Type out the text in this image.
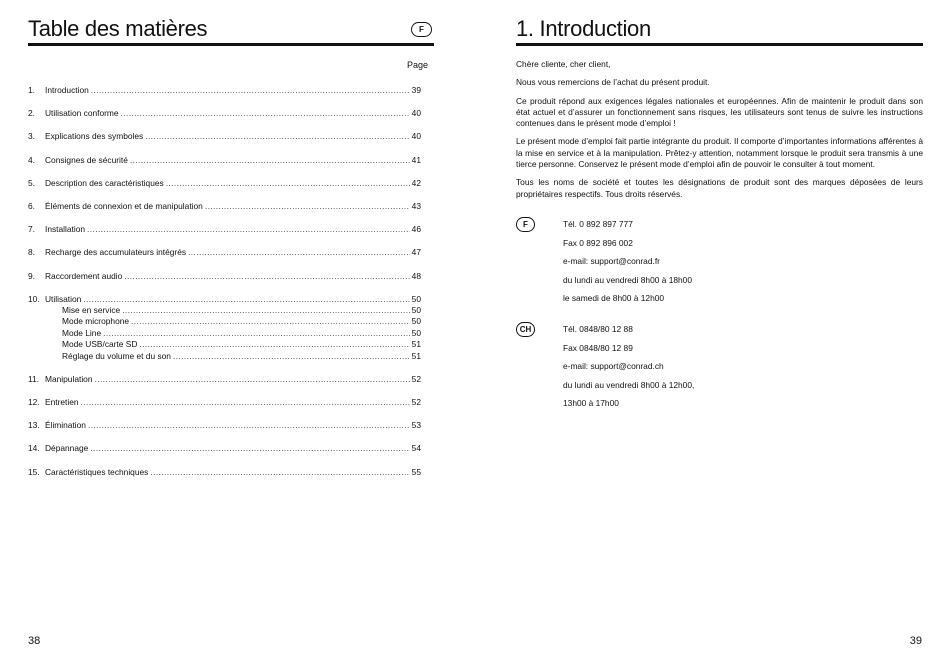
Table des matières	F
Page
1.	Introduction .....	39
2.	Utilisation conforme .....	40
3.	Explications des symboles .....	40
4.	Consignes de sécurité .....	41
5.	Description des caractéristiques .....	42
6.	Éléments de connexion et de manipulation .....	43
7.	Installation .....	46
8.	Recharge des accumulateurs intégrés .....	47
9.	Raccordement audio .....	48
10. Utilisation .....	50
Mise en service .....	50
Mode microphone .....	50
Mode Line .....	50
Mode USB/carte SD .....	51
Réglage du volume et du son .....	51
11. Manipulation .....	52
12. Entretien .....	52
13. Élimination .....	53
14. Dépannage .....	54
15. Caractéristiques techniques .....	55
38
1. Introduction

Chère cliente, cher client,

Nous vous remercions de l’achat du présent produit.

Ce produit répond aux exigences légales nationales et européennes. Afin de maintenir le produit dans son état actuel et d’assurer un fonctionnement sans risques, les utilisateurs sont tenus de suivre les instructions contenues dans le présent mode d’emploi !

Le présent mode d’emploi fait partie intégrante du produit. Il comporte d’importantes informations afférentes à la mise en service et à la manipulation. Prêtez-y attention, notamment lorsque le produit sera transmis à une tierce personne. Conservez le présent mode d’emploi afin de pouvoir le consulter à tout moment.

Tous les noms de société et toutes les désignations de produit sont des marques déposées de leurs propriétaires respectifs. Tous droits réservés.

F	Tél. 0 892 897 777
Fax 0 892 896 002
e-mail: support@conrad.fr
du lundi au vendredi 8h00 à 18h00
le samedi de 8h00 à 12h00
CH	Tél. 0848/80 12 88
Fax 0848/80 12 89
e-mail: support@conrad.ch
du lundi au vendredi 8h00 à 12h00,
13h00 à 17h00
39
